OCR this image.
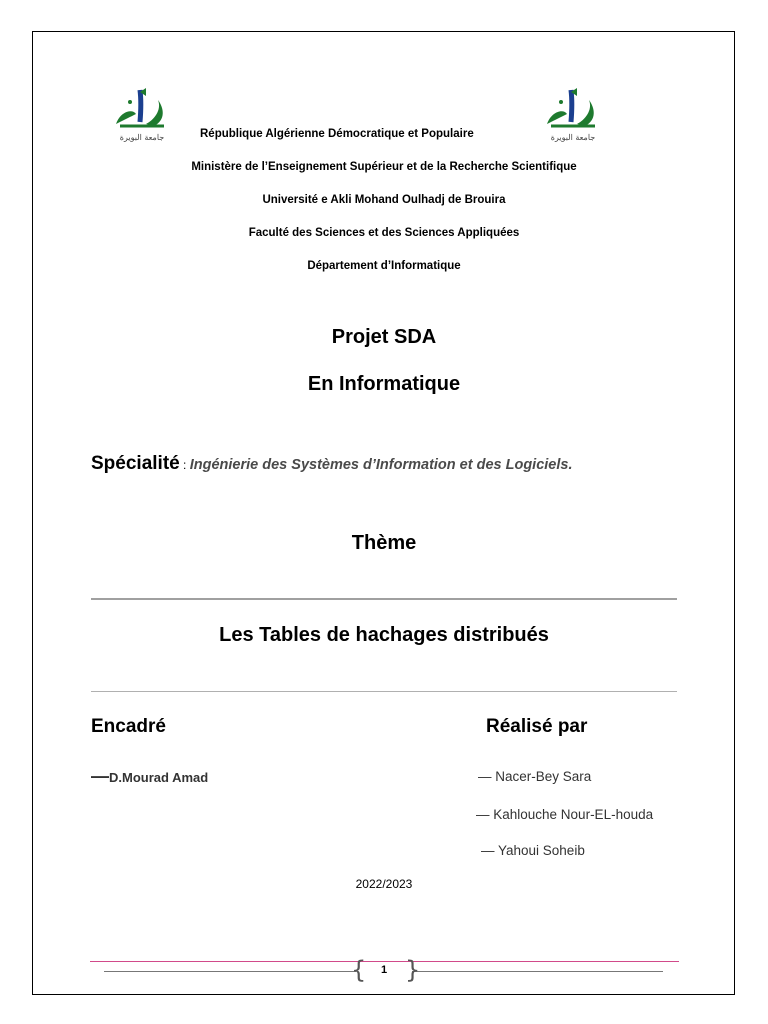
جامعة البويرة	جامعة البويرة
République Algérienne Démocratique et Populaire
Ministère de l’Enseignement Supérieur et de la Recherche Scientifique
Université e Akli Mohand Oulhadj de Brouira
Faculté des Sciences et des Sciences Appliquées
Département d’Informatique
Projet SDA
En Informatique
Spécialité : Ingénierie des Systèmes d’Information et des Logiciels.
Thème
Les Tables de hachages distribués
Encadré
—D.Mourad Amad
Réalisé par
— Nacer-Bey Sara
— Kahlouche Nour-EL-houda
— Yahoui Soheib
2022/2023
{ }
1
